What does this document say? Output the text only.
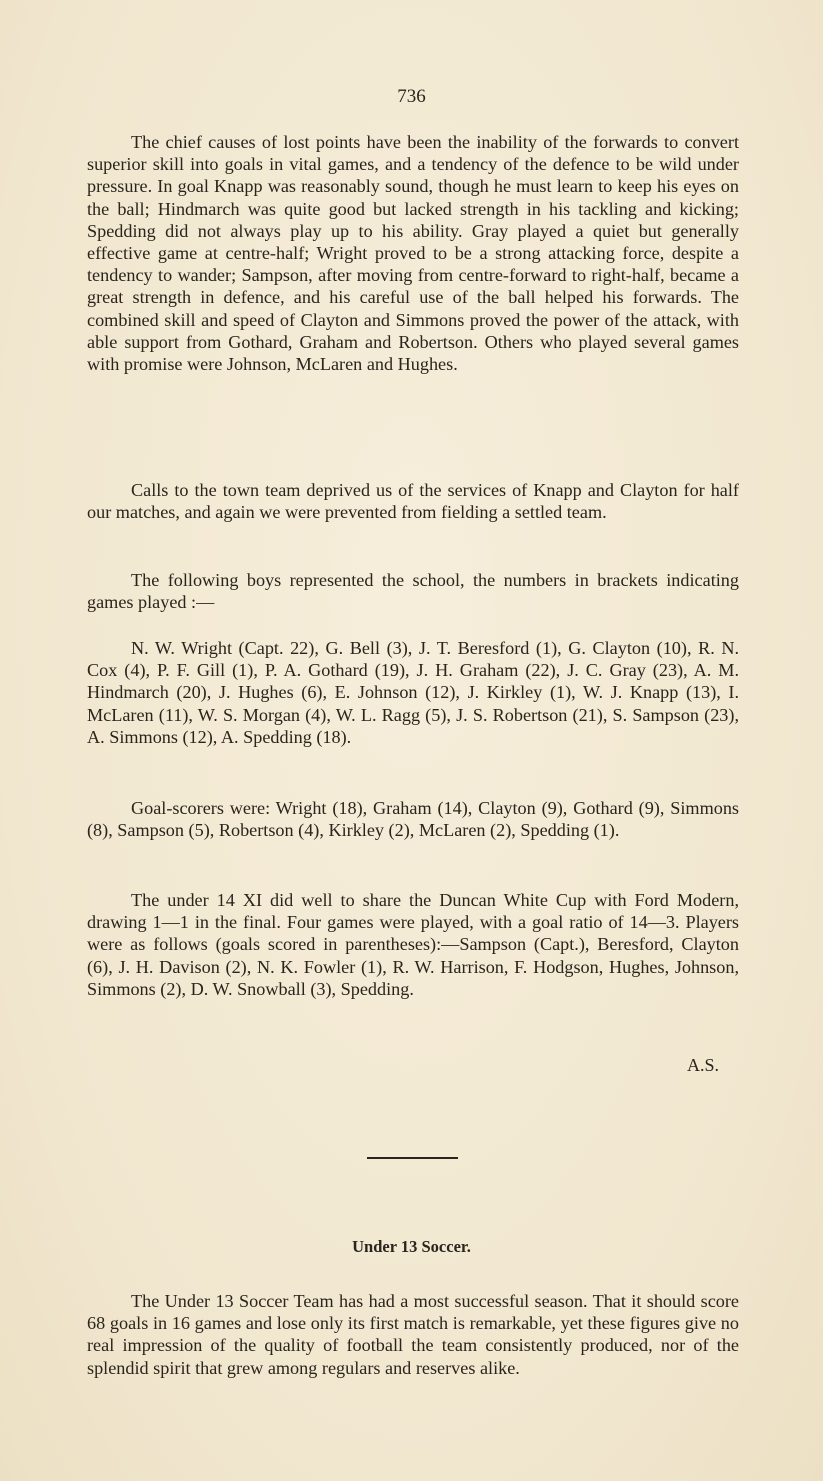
736

The chief causes of lost points have been the inability of the forwards to convert superior skill into goals in vital games, and a tendency of the defence to be wild under pressure. In goal Knapp was reasonably sound, though he must learn to keep his eyes on the ball; Hindmarch was quite good but lacked strength in his tackling and kicking; Spedding did not always play up to his ability. Gray played a quiet but generally effective game at centre-half; Wright proved to be a strong attacking force, despite a tendency to wander; Sampson, after moving from centre-forward to right-half, became a great strength in defence, and his careful use of the ball helped his forwards. The combined skill and speed of Clayton and Simmons proved the power of the attack, with able support from Gothard, Graham and Robertson. Others who played several games with promise were Johnson, McLaren and Hughes.

Calls to the town team deprived us of the services of Knapp and Clayton for half our matches, and again we were prevented from fielding a settled team.

The following boys represented the school, the numbers in brackets indicating games played :—

N. W. Wright (Capt. 22), G. Bell (3), J. T. Beresford (1), G. Clayton (10), R. N. Cox (4), P. F. Gill (1), P. A. Gothard (19), J. H. Graham (22), J. C. Gray (23), A. M. Hindmarch (20), J. Hughes (6), E. Johnson (12), J. Kirkley (1), W. J. Knapp (13), I. McLaren (11), W. S. Morgan (4), W. L. Ragg (5), J. S. Robertson (21), S. Sampson (23), A. Simmons (12), A. Spedding (18).

Goal-scorers were: Wright (18), Graham (14), Clayton (9), Gothard (9), Simmons (8), Sampson (5), Robertson (4), Kirkley (2), McLaren (2), Spedding (1).

The under 14 XI did well to share the Duncan White Cup with Ford Modern, drawing 1—1 in the final. Four games were played, with a goal ratio of 14—3. Players were as follows (goals scored in parentheses):—Sampson (Capt.), Beresford, Clayton (6), J. H. Davison (2), N. K. Fowler (1), R. W. Harrison, F. Hodgson, Hughes, Johnson, Simmons (2), D. W. Snowball (3), Spedding.

A.S.
Under 13 Soccer.

The Under 13 Soccer Team has had a most successful season. That it should score 68 goals in 16 games and lose only its first match is remarkable, yet these figures give no real impression of the quality of football the team consistently produced, nor of the splendid spirit that grew among regulars and reserves alike.
